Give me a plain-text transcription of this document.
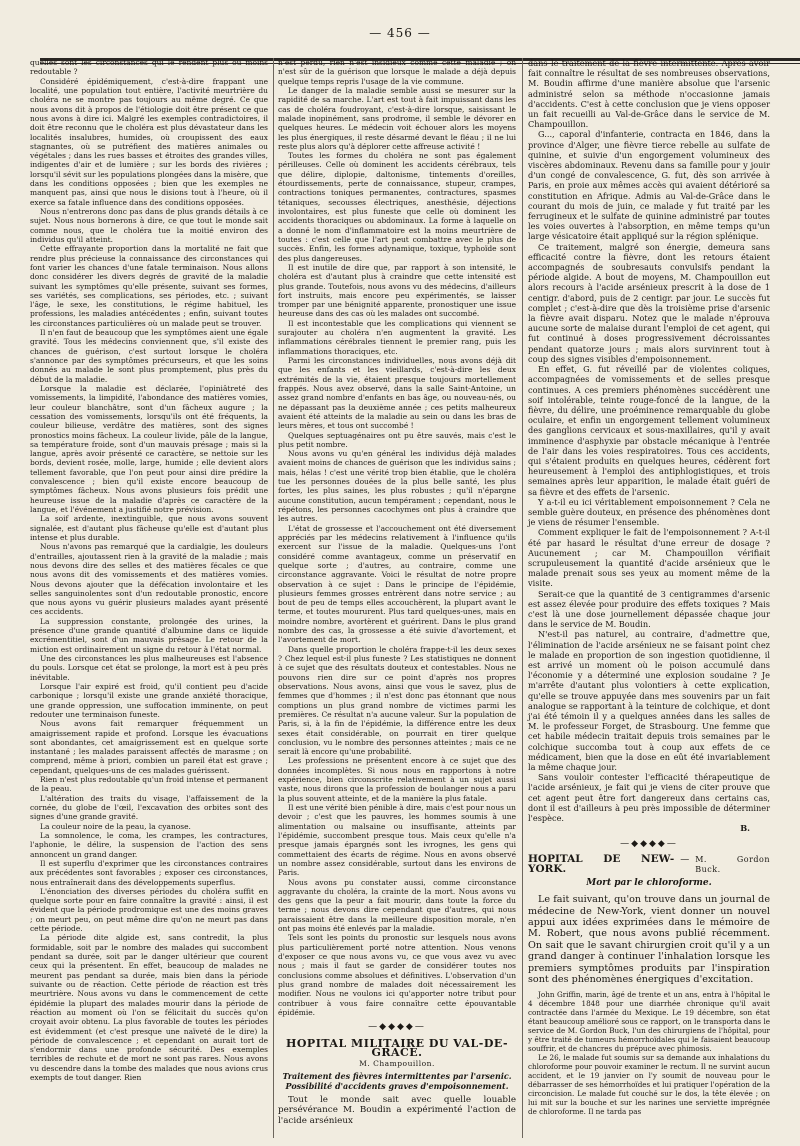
— 456 —

quelles sont les circonstances qui le rendent plus ou moins redoutable ?

Considéré épidémiquement, c'est-à-dire frappant une localité, une population tout entière, l'activité meurtrière du choléra ne se montre pas toujours au même degré. Ce que nous avons dit à propos de l'étiologie doit être présent ce que nous avons à dire ici. Malgré les exemples contradictoires, il doit être reconnu que le choléra est plus dévastateur dans les localités insalubres, humides, où croupissent des eaux stagnantes, où se putréfient des matières animales ou végétales ; dans les rues basses et étroites des grandes villes, indigentes d'air et de lumière ; sur les bords des rivières ; lorsqu'il sévit sur les populations plongées dans la misère, que dans les conditions opposées ; bien que les exemples ne manquent pas, ainsi que nous le disions tout à l'heure, où il exerce sa fatale influence dans des conditions opposées.

Nous n'entrerons donc pas dans de plus grands détails à ce sujet. Nous nous bornerons à dire, ce que tout le monde sait comme nous, que le choléra tue la moitié environ des individus qu'il atteint.

Cette effrayante proportion dans la mortalité ne fait que rendre plus précieuse la connaissance des circonstances qui font varier les chances d'une fatale terminaison. Nous allons donc considérer les divers degrés de gravité de la maladie suivant les symptômes qu'elle présente, suivant ses formes, ses variétés, ses complications, ses périodes, etc. ; suivant l'âge, le sexe, les constitutions, le régime habituel, les professions, les maladies antécédentes ; enfin, suivant toutes les circonstances particulières où un malade peut se trouver.

Il n'en faut de beaucoup que les symptômes aient une égale gravité. Tous les médecins conviennent que, s'il existe des chances de guérison, c'est surtout lorsque le choléra s'annonce par des symptômes précurseurs, et que les soins donnés au malade le sont plus promptement, plus près du début de la maladie.

Lorsque la maladie est déclarée, l'opiniâtreté des vomissements, la limpidité, l'abondance des matières vomies, leur couleur blanchâtre, sont d'un fâcheux augure ; la cessation des vomissements, lorsqu'ils ont été fréquents, la couleur bilieuse, verdâtre des matières, sont des signes pronostics moins fâcheux. La couleur livide, pâle de la langue, sa température froide, sont d'un mauvais présage ; mais si la langue, après avoir présenté ce caractère, se nettoie sur les bords, devient rosée, molle, large, humide ; elle devient alors tellement favorable, que l'on peut pour ainsi dire prédire la convalescence ; bien qu'il existe encore beaucoup de symptômes fâcheux. Nous avons plusieurs fois prédit une heureuse issue de la maladie d'après ce caractère de la langue, et l'événement a justifié notre prévision.

La soif ardente, inextinguible, que nous avons souvent signalée, est d'autant plus fâcheuse qu'elle est d'autant plus intense et plus durable.

Nous n'avons pas remarqué que la cardialgie, les douleurs d'entrailles, ajoutassent rien à la gravité de la maladie ; mais nous devons dire des selles et des matières fécales ce que nous avons dit des vomissements et des matières vomies. Nous devons ajouter que la défécation involontaire et les selles sanguinolentes sont d'un redoutable pronostic, encore que nous ayons vu guérir plusieurs malades ayant présenté ces accidents.

La suppression constante, prolongée des urines, la présence d'une grande quantité d'albumine dans ce liquide excrémentitiel, sont d'un mauvais présage. Le retour de la miction est ordinairement un signe du retour à l'état normal.

Une des circonstances les plus malheureuses est l'absence du pouls. Lorsque cet état se prolonge, la mort est à peu près inévitable.

Lorsque l'air expiré est froid, qu'il contient peu d'acide carbonique ; lorsqu'il existe une grande anxiété thoracique, une grande oppression, une suffocation imminente, on peut redouter une terminaison funeste.

Nous avons fait remarquer fréquemment un amaigrissement rapide et profond. Lorsque les évacuations sont abondantes, cet amaigrissement est en quelque sorte instantané ; les malades paraissent affectés de marasme ; on comprend, même à priori, combien un pareil état est grave ; cependant, quelques-uns de ces malades guérissent.

Rien n'est plus redoutable qu'un froid intense et permanent de la peau.

L'altération des traits du visage, l'affaissement de la cornée, du globe de l'œil, l'excavation des orbites sont des signes d'une grande gravité.

La couleur noire de la peau, la cyanose.

La somnolence, le coma, les crampes, les contractures, l'aphonie, le délire, la suspension de l'action des sens annoncent un grand danger.

Il est superflu d'exprimer que les circonstances contraires aux précédentes sont favorables ; exposer ces circonstances, nous entraînerait dans des développements superflus.

L'énonciation des diverses périodes du choléra suffit en quelque sorte pour en faire connaître la gravité : ainsi, il est évident que la période prodromique est une des moins graves ; on meurt peu, on peut même dire qu'on ne meurt pas dans cette période.

La période dite algide est, sans contredit, la plus formidable, soit par le nombre des malades qui succombent pendant sa durée, soit par le danger ultérieur que courent ceux qui la présentent. En effet, beaucoup de malades ne meurent pas pendant sa durée, mais bien dans la période suivante ou de réaction. Cette période de réaction est très meurtrière. Nous avons vu dans le commencement de cette épidémie la plupart des malades mourir dans la période de réaction au moment où l'on se félicitait du succès qu'on croyait avoir obtenu. La plus favorable de toutes les périodes est évidemment (et c'est presque une naïveté de le dire) la période de convalescence ; et cependant on aurait tort de s'endormir dans une profonde sécurité. Des exemples terribles de rechute et de mort ne sont pas rares. Nous avons vu descendre dans la tombe des malades que nous avions crus exempts de tout danger. Rien

n'est perdu, rien n'est insidieux comme cette maladie ; on n'est sûr de la guérison que lorsque le malade a déjà depuis quelque temps repris l'usage de la vie commune.

Le danger de la maladie semble aussi se mesurer sur la rapidité de sa marche. L'art est tout à fait impuissant dans les cas de choléra foudroyant, c'est-à-dire lorsque, saisissant le malade inopinément, sans prodrome, il semble le dévorer en quelques heures. Le médecin voit échouer alors les moyens les plus énergiques, il reste désarmé devant le fléau ; il ne lui reste plus alors qu'à déplorer cette affreuse activité !

Toutes les formes du choléra ne sont pas également périlleuses. Celle où dominent les accidents cérébraux, tels que délire, diplopie, daltonisme, tintements d'oreilles, étourdissements, perte de connaissance, stupeur, crampes, contractions toniques permanentes, contractures, spasmes tétaniques, secousses électriques, anesthésie, déjections involontaires, est plus funeste que celle où dominent les accidents thoraciques ou abdominaux. La forme à laquelle on a donné le nom d'inflammatoire est la moins meurtrière de toutes : c'est celle que l'art peut combattre avec le plus de succès. Enfin, les formes adynamique, toxique, typhoïde sont des plus dangereuses.

Il est inutile de dire que, par rapport à son intensité, le choléra est d'autant plus à craindre que cette intensité est plus grande. Toutefois, nous avons vu des médecins, d'ailleurs fort instruits, mais encore peu expérimentés, se laisser tromper par une bénignité apparente, pronostiquer une issue heureuse dans des cas où les malades ont succombé.

Il est incontestable que les complications qui viennent se surajouter au choléra n'en augmentent la gravité. Les inflammations cérébrales tiennent le premier rang, puis les inflammations thoraciques, etc.

Parmi les circonstances individuelles, nous avons déjà dit que les enfants et les vieillards, c'est-à-dire les deux extrémités de la vie, étaient presque toujours mortellement frappés. Nous avez observé, dans la salle Saint-Antoine, un assez grand nombre d'enfants en bas âge, ou nouveau-nés, ou ne dépassant pas la deuxième année ; ces petits malheureux avaient été atteints de la maladie au sein ou dans les bras de leurs mères, et tous ont succombé !

Quelques septuagénaires ont pu être sauvés, mais c'est le plus petit nombre.

Nous avons vu qu'en général les individus déjà malades avaient moins de chances de guérison que les individus sains ; mais, hélas ! c'est une vérité trop bien établie, que le choléra tue les personnes douées de la plus belle santé, les plus fortes, les plus saines, les plus robustes ; qu'il n'épargne aucune constitution, aucun tempérament ; cependant, nous le répétons, les personnes cacochymes ont plus à craindre que les autres.

L'état de grossesse et l'accouchement ont été diversement appréciés par les médecins relativement à l'influence qu'ils exercent sur l'issue de la maladie. Quelques-uns l'ont considéré comme avantageux, comme un préservatif en quelque sorte ; d'autres, au contraire, comme une circonstance aggravante. Voici le résultat de notre propre observation à ce sujet : Dans le principe de l'épidémie, plusieurs femmes grosses entrèrent dans notre service ; au bout de peu de temps elles accouchèrent, la plupart avant le terme, et toutes moururent. Plus tard quelques-unes, mais en moindre nombre, avortèrent et guérirent. Dans le plus grand nombre des cas, la grossesse a été suivie d'avortement, et l'avortement de mort.

Dans quelle proportion le choléra frappe-t-il les deux sexes ? Chez lequel est-il plus funeste ? Les statistiques ne donnent à ce sujet que des résultats douteux et contestables. Nous ne pouvons rien dire sur ce point d'après nos propres observations. Nous avons, ainsi que vous le savez, plus de femmes que d'hommes ; il n'est donc pas étonnant que nous comptions un plus grand nombre de victimes parmi les premières. Ce résultat n'a aucune valeur. Sur la population de Paris, si, à la fin de l'épidémie, la différence entre les deux sexes était considérable, on pourrait en tirer quelque conclusion, vu le nombre des personnes atteintes ; mais ce ne serait là encore qu'une probabilité.

Les professions ne présentent encore à ce sujet que des données incomplètes. Si nous nous en rapportons à notre expérience, bien circonscrite relativement à un sujet aussi vaste, nous dirons que la profession de boulanger nous a paru la plus souvent atteinte, et de la manière la plus fatale.

Il est une vérité bien pénible à dire, mais c'est pour nous un devoir ; c'est que les pauvres, les hommes soumis à une alimentation ou malsaine ou insuffisante, atteints par l'épidémie, succombent presque tous. Mais ceux qu'elle n'a presque jamais épargnés sont les ivrognes, les gens qui commettaient des écarts de régime. Nous en avons observé un nombre assez considérable, surtout dans les environs de Paris.

Nous avons pu constater aussi, comme circonstance aggravante du choléra, la crainte de la mort. Nous avons vu des gens que la peur a fait mourir, dans toute la force du terme ; nous devons dire cependant que d'autres, qui nous paraissaient être dans la meilleure disposition morale, n'en ont pas moins été enlevés par la maladie.

Tels sont les points du pronostic sur lesquels nous avons plus particulièrement porté notre attention. Nous venons d'exposer ce que nous avons vu, ce que vous avez vu avec nous ; mais il faut se garder de considérer toutes nos conclusions comme absolues et définitives. L'observation d'un plus grand nombre de malades doit nécessairement les modifier. Nous ne voulons ici qu'apporter notre tribut pour contribuer à vous faire connaître cette épouvantable épidémie.

—◆◆◆◆—
HOPITAL MILITAIRE DU VAL-DE-GRACE.
M. Champouillon.
Traitement des fièvres intermittentes par l'arsenic. Possibilité d'accidents graves d'empoisonnement.

Tout le monde sait avec quelle louable persévérance M. Boudin a expérimenté l'action de l'acide arsénieux

dans le traitement de la fièvre intermittente. Après avoir fait connaître le résultat de ses nombreuses observations, M. Boudin affirme d'une manière absolue que l'arsenic administré selon sa méthode n'occasionne jamais d'accidents. C'est à cette conclusion que je viens opposer un fait recueilli au Val-de-Grâce dans le service de M. Champouillon.

G..., caporal d'infanterie, contracta en 1846, dans la province d'Alger, une fièvre tierce rebelle au sulfate de quinine, et suivie d'un engorgement volumineux des viscères abdominaux. Revenu dans sa famille pour y jouir d'un congé de convalescence, G. fut, dès son arrivée à Paris, en proie aux mêmes accès qui avaient détérioré sa constitution en Afrique. Admis au Val-de-Grâce dans le courant du mois de juin, ce malade y fut traité par les ferrugineux et le sulfate de quinine administré par toutes les voies ouvertes à l'absorption, en même temps qu'un large vésicatoire était appliqué sur la région splénique.

Ce traitement, malgré son énergie, demeura sans efficacité contre la fièvre, dont les retours étaient accompagnés de soubresauts convulsifs pendant la période algide. A bout de moyens, M. Champouillon eut alors recours à l'acide arsénieux prescrit à la dose de 1 centigr. d'abord, puis de 2 centigr. par jour. Le succès fut complet ; c'est-à-dire que dès la troisième prise d'arsenic la fièvre avait disparu. Notez que le malade n'éprouva aucune sorte de malaise durant l'emploi de cet agent, qui fut continué à doses progressivement décroissantes pendant quatorze jours ; mais alors survinrent tout à coup des signes visibles d'empoisonnement.

En effet, G. fut réveillé par de violentes coliques, accompagnées de vomissements et de selles presque continues. A ces premiers phénomènes succédèrent une soif intolérable, teinte rouge-foncé de la langue, de la fièvre, du délire, une proéminence remarquable du globe oculaire, et enfin un engorgement tellement volumineux des ganglions cervicaux et sous-maxillaires, qu'il y avait imminence d'asphyxie par obstacle mécanique à l'entrée de l'air dans les voies respiratoires. Tous ces accidents, qui s'étaient produits en quelques heures, cédèrent fort heureusement à l'emploi des antiphlogistiques, et trois semaines après leur apparition, le malade était guéri de sa fièvre et des effets de l'arsenic.

Y a-t-il eu ici véritablement empoisonnement ? Cela ne semble guère douteux, en présence des phénomènes dont je viens de résumer l'ensemble.

Comment expliquer le fait de l'empoisonnement ? A-t-il été par hasard le résultat d'une erreur de dosage ? Aucunement ; car M. Champouillon vérifiait scrupuleusement la quantité d'acide arsénieux que le malade prenait sous ses yeux au moment même de la visite.

Serait-ce que la quantité de 3 centigrammes d'arsenic est assez élevée pour produire des effets toxiques ? Mais c'est là une dose journellement dépassée chaque jour dans le service de M. Boudin.

N'est-il pas naturel, au contraire, d'admettre que, l'élimination de l'acide arsénieux ne se faisant point chez le malade en proportion de son ingestion quotidienne, il est arrivé un moment où le poison accumulé dans l'économie y a déterminé une explosion soudaine ? Je m'arrête d'autant plus volontiers à cette explication, qu'elle se trouve appuyée dans mes souvenirs par un fait analogue se rapportant à la teinture de colchique, et dont j'ai été témoin il y a quelques années dans les salles de M. le professeur Forget, de Strasbourg. Une femme que cet habile médecin traitait depuis trois semaines par le colchique succomba tout à coup aux effets de ce médicament, bien que la dose en eût été invariablement la même chaque jour.

Sans vouloir contester l'efficacité thérapeutique de l'acide arsénieux, je fait qui je viens de citer prouve que cet agent peut être fort dangereux dans certains cas, dont il est d'ailleurs à peu près impossible de déterminer l'espèce.

B.
—◆◆◆◆—
HOPITAL DE NEW-YORK.
— M. Gordon Buck.
Mort par le chloroforme.

Le fait suivant, qu'on trouve dans un journal de médecine de New-York, vient donner un nouvel appui aux idées exprimées dans le mémoire de M. Robert, que nous avons publié récemment. On sait que le savant chirurgien croit qu'il y a un grand danger à continuer l'inhalation lorsque les premiers symptômes produits par l'inspiration sont des phénomènes énergiques d'excitation.

John Griffin, marin, âgé de trente et un ans, entra à l'hôpital le 4 décembre 1848 pour une diarrhée chronique qu'il avait contractée dans l'armée du Mexique. Le 19 décembre, son état étant beaucoup amélioré sous ce rapport, on le transporta dans le service de M. Gordon Buck, l'un des chirurgiens de l'hôpital, pour y être traité de tumeurs hémorrhoïdales qui le faisaient beaucoup souffrir, et de chancres du prépuce avec phimosis.

Le 26, le malade fut soumis sur sa demande aux inhalations du chloroforme pour pouvoir examiner le rectum. Il ne survint aucun accident, et le 19 janvier on l'y soumit de nouveau pour le débarrasser de ses hémorrhoïdes et lui pratiquer l'opération de la circoncision. Le malade fut couché sur le dos, la tête élevée ; on lui mit sur la bouche et sur les narines une serviette imprégnée de chloroforme. Il ne tarda pas
